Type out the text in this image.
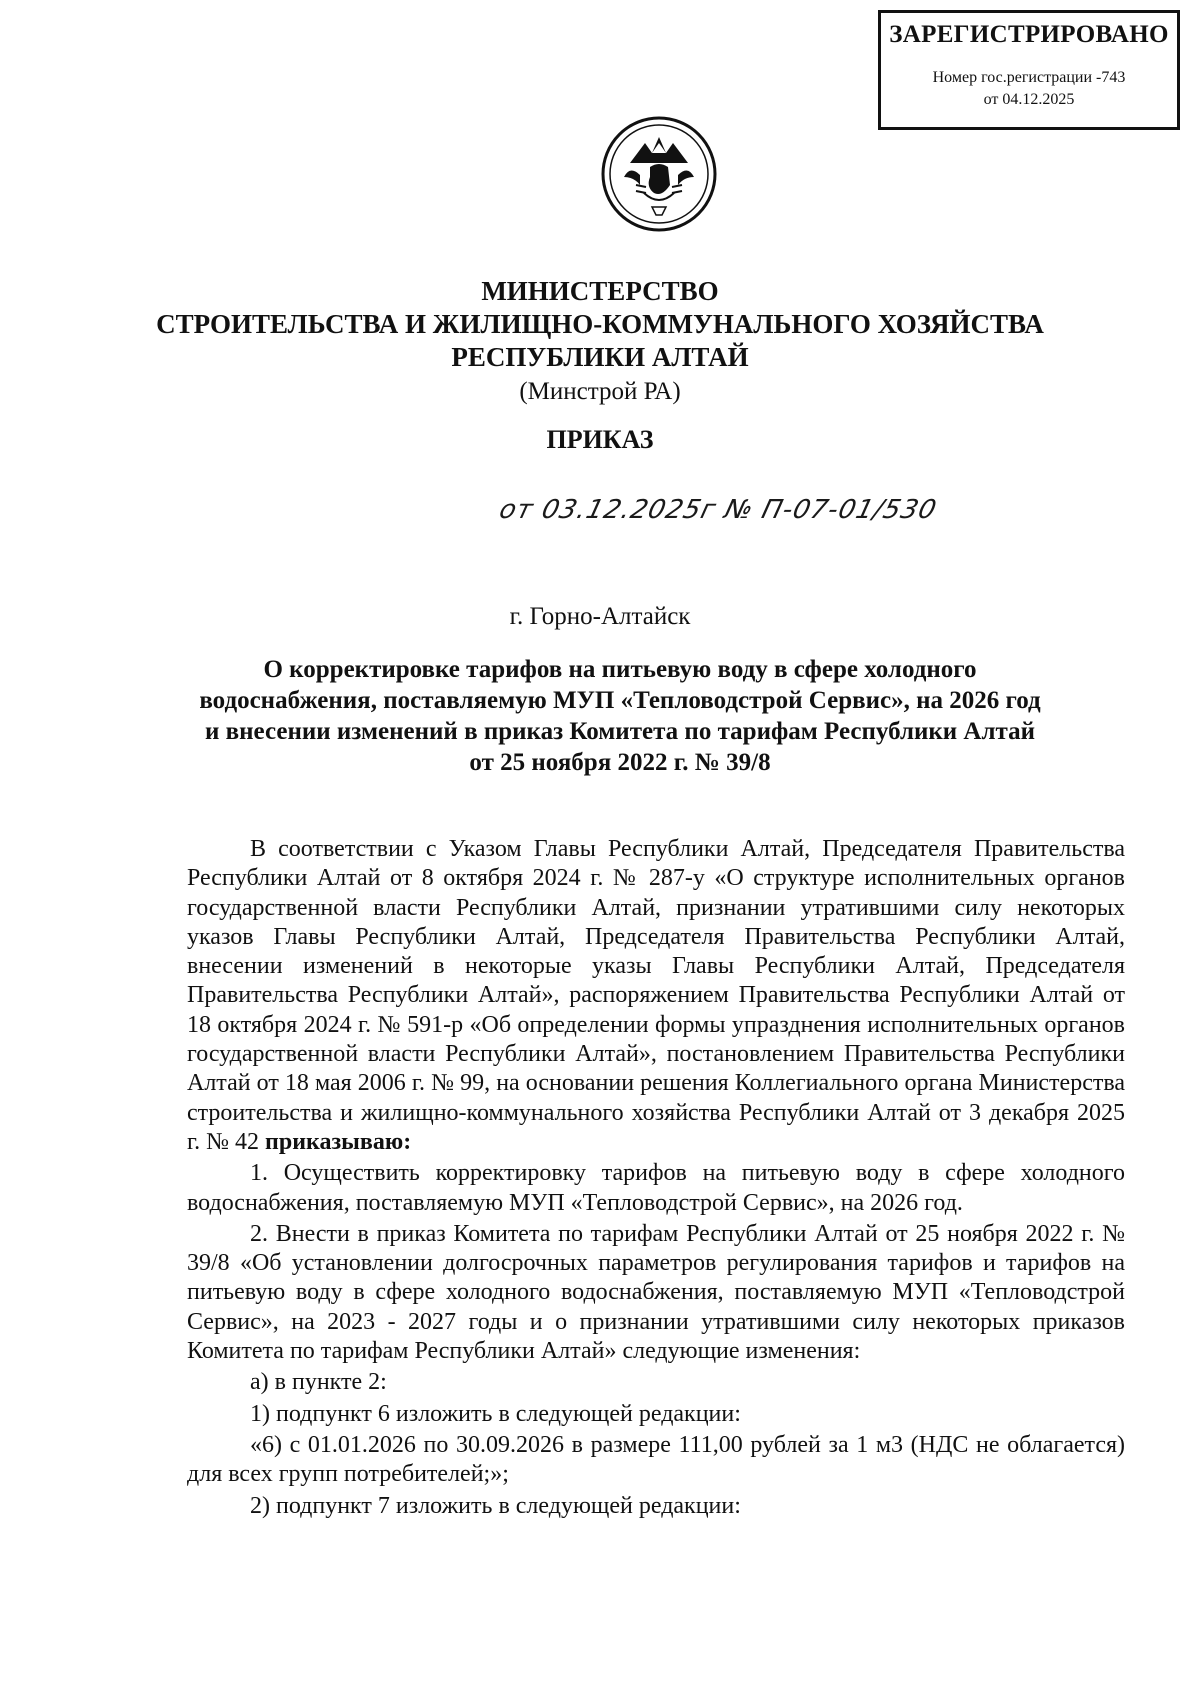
ЗАРЕГИСТРИРОВАНО
Номер гос.регистрации -743
от 04.12.2025
МИНИСТЕРСТВО
СТРОИТЕЛЬСТВА И ЖИЛИЩНО-КОММУНАЛЬНОГО ХОЗЯЙСТВА
РЕСПУБЛИКИ АЛТАЙ
(Минстрой РА)
ПРИКАЗ
от 03.12.2025г № П-07-01/530
г. Горно-Алтайск
О корректировке тарифов на питьевую воду в сфере холодного
водоснабжения, поставляемую МУП «Тепловодстрой Сервис», на 2026 год
и внесении изменений в приказ Комитета по тарифам Республики Алтай
от 25 ноября 2022 г. № 39/8

В соответствии с Указом Главы Республики Алтай, Председателя Правительства Республики Алтай от 8 октября 2024 г. № 287-у «О структуре исполнительных органов государственной власти Республики Алтай, признании утратившими силу некоторых указов Главы Республики Алтай, Председателя Правительства Республики Алтай, внесении изменений в некоторые указы Главы Республики Алтай, Председателя Правительства Республики Алтай», распоряжением Правительства Республики Алтай от 18 октября 2024 г. № 591-р «Об определении формы упразднения исполнительных органов государственной власти Республики Алтай», постановлением Правительства Республики Алтай от 18 мая 2006 г. № 99, на основании решения Коллегиального органа Министерства строительства и жилищно-коммунального хозяйства Республики Алтай от 3 декабря 2025 г. № 42 приказываю:

1. Осуществить корректировку тарифов на питьевую воду в сфере холодного водоснабжения, поставляемую МУП «Тепловодстрой Сервис», на 2026 год.

2. Внести в приказ Комитета по тарифам Республики Алтай от 25 ноября 2022 г. № 39/8 «Об установлении долгосрочных параметров регулирования тарифов и тарифов на питьевую воду в сфере холодного водоснабжения, поставляемую МУП «Тепловодстрой Сервис», на 2023 - 2027 годы и о признании утратившими силу некоторых приказов Комитета по тарифам Республики Алтай» следующие изменения:

а) в пункте 2:

1) подпункт 6 изложить в следующей редакции:

«6) с 01.01.2026 по 30.09.2026 в размере 111,00 рублей за 1 м3 (НДС не облагается) для всех групп потребителей;»;

2) подпункт 7 изложить в следующей редакции:
